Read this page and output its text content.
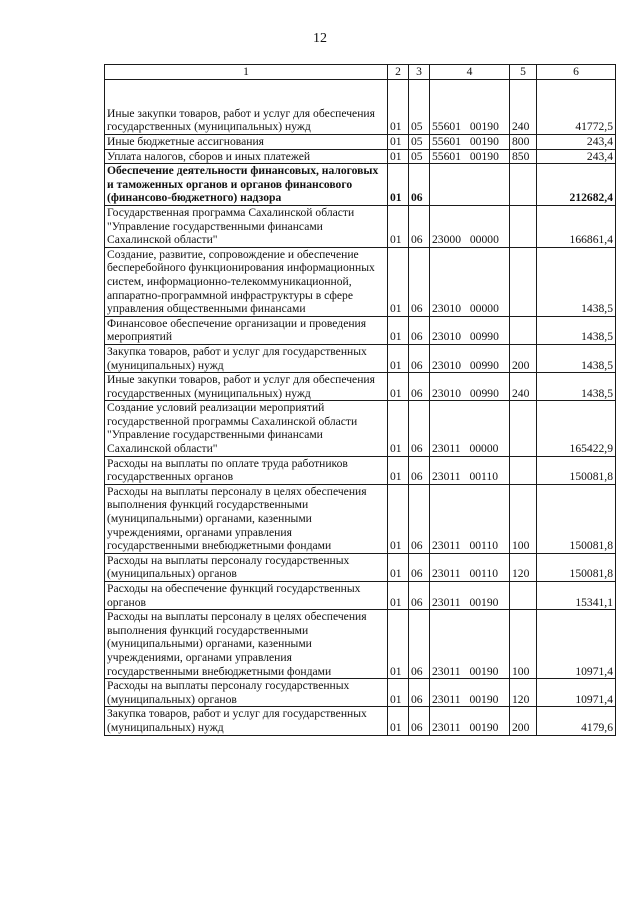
12
1	2	3	4	5	6
Иные закупки товаров, работ и услуг для обеспечения государственных (муниципальных) нужд	01	05	55601 00190	240	41772,5
Иные бюджетные ассигнования	01	05	55601 00190	800	243,4
Уплата налогов, сборов и иных платежей	01	05	55601 00190	850	243,4
Обеспечение деятельности финансовых, налоговых и таможенных органов и органов финансового (финансово-бюджетного) надзора	01	06			212682,4
Государственная программа Сахалинской области "Управление государственными финансами Сахалинской области"	01	06	23000 00000		166861,4
Создание, развитие, сопровождение и обеспечение бесперебойного функционирования информационных систем, информационно-телекоммуникационной, аппаратно-программной инфраструктуры в сфере управления общественными финансами	01	06	23010 00000		1438,5
Финансовое обеспечение организации и проведения мероприятий	01	06	23010 00990		1438,5
Закупка товаров, работ и услуг для государственных (муниципальных) нужд	01	06	23010 00990	200	1438,5
Иные закупки товаров, работ и услуг для обеспечения государственных (муниципальных) нужд	01	06	23010 00990	240	1438,5
Создание условий реализации мероприятий государственной программы Сахалинской области "Управление государственными финансами Сахалинской области"	01	06	23011 00000		165422,9
Расходы на выплаты по оплате труда работников государственных органов	01	06	23011 00110		150081,8
Расходы на выплаты персоналу в целях обеспечения выполнения функций государственными (муниципальными) органами, казенными учреждениями, органами управления государственными внебюджетными фондами	01	06	23011 00110	100	150081,8
Расходы на выплаты персоналу государственных (муниципальных) органов	01	06	23011 00110	120	150081,8
Расходы на обеспечение функций государственных органов	01	06	23011 00190		15341,1
Расходы на выплаты персоналу в целях обеспечения выполнения функций государственными (муниципальными) органами, казенными учреждениями, органами управления государственными внебюджетными фондами	01	06	23011 00190	100	10971,4
Расходы на выплаты персоналу государственных (муниципальных) органов	01	06	23011 00190	120	10971,4
Закупка товаров, работ и услуг для государственных (муниципальных) нужд	01	06	23011 00190	200	4179,6
